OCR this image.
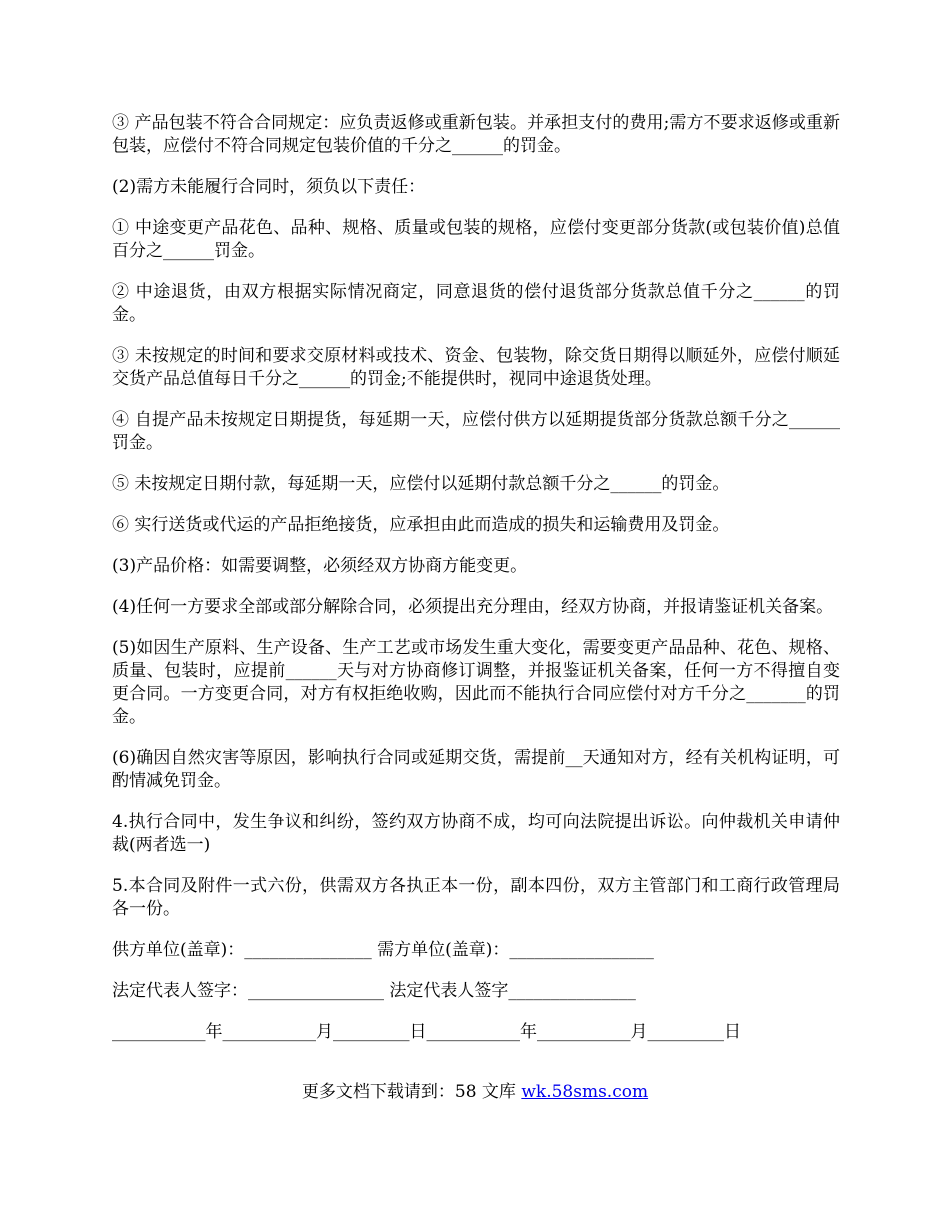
③ 产品包装不符合合同规定：应负责返修或重新包装。并承担支付的费用;需方不要求返修或重新包装，应偿付不符合同规定包装价值的千分之______的罚金。

(2)需方未能履行合同时，须负以下责任：

① 中途变更产品花色、品种、规格、质量或包装的规格，应偿付变更部分货款(或包装价值)总值百分之______罚金。

② 中途退货，由双方根据实际情况商定，同意退货的偿付退货部分货款总值千分之______的罚金。

③ 未按规定的时间和要求交原材料或技术、资金、包装物，除交货日期得以顺延外，应偿付顺延交货产品总值每日千分之______的罚金;不能提供时，视同中途退货处理。

④ 自提产品未按规定日期提货，每延期一天，应偿付供方以延期提货部分货款总额千分之______罚金。

⑤ 未按规定日期付款，每延期一天，应偿付以延期付款总额千分之______的罚金。

⑥ 实行送货或代运的产品拒绝接货，应承担由此而造成的损失和运输费用及罚金。

(3)产品价格：如需要调整，必须经双方协商方能变更。

(4)任何一方要求全部或部分解除合同，必须提出充分理由，经双方协商，并报请鉴证机关备案。

(5)如因生产原料、生产设备、生产工艺或市场发生重大变化，需要变更产品品种、花色、规格、质量、包装时，应提前______天与对方协商修订调整，并报鉴证机关备案，任何一方不得擅自变更合同。一方变更合同，对方有权拒绝收购，因此而不能执行合同应偿付对方千分之_______的罚金。

(6)确因自然灾害等原因，影响执行合同或延期交货，需提前__天通知对方，经有关机构证明，可酌情减免罚金。

4.执行合同中，发生争议和纠纷，签约双方协商不成，均可向法院提出诉讼。向仲裁机关申请仲裁(两者选一)

5.本合同及附件一式六份，供需双方各执正本一份，副本四份，双方主管部门和工商行政管理局各一份。

供方单位(盖章)：_______________ 需方单位(盖章)：_________________
法定代表人签字：________________ 法定代表人签字_______________
___________年___________月_________日___________年___________月_________日
更多文档下载请到：58 文库 wk.58sms.com
